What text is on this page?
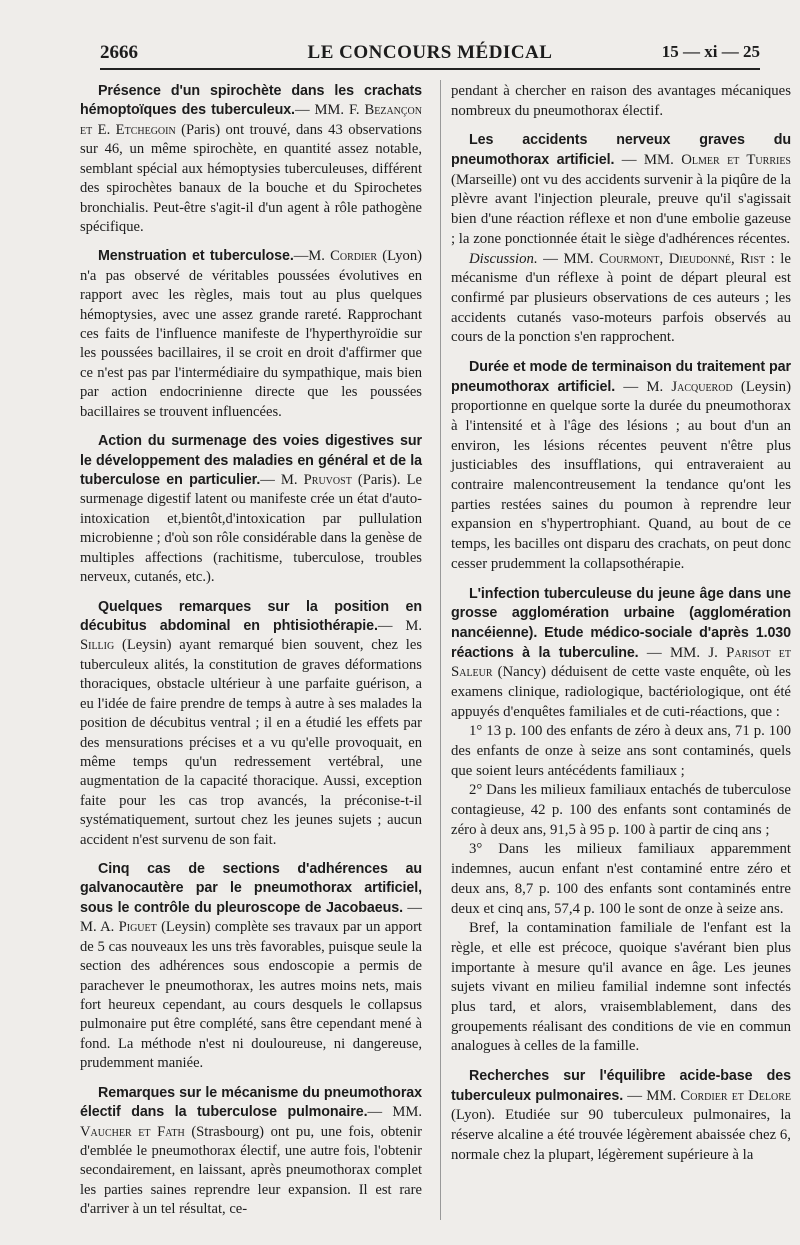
2666	LE CONCOURS MÉDICAL	15 — xi — 25

Présence d'un spirochète dans les crachats hémoptoïques des tuberculeux.— MM. F. Bezançon et E. Etchegoin (Paris) ont trouvé, dans 43 observations sur 46, un même spirochète, en quantité assez notable, semblant spécial aux hémoptysies tuberculeuses, différent des spirochètes banaux de la bouche et du Spirochetes bronchialis. Peut-être s'agit-il d'un agent à rôle pathogène spécifique.

Menstruation et tuberculose.—M. Cordier (Lyon) n'a pas observé de véritables poussées évolutives en rapport avec les règles, mais tout au plus quelques hémoptysies, avec une assez grande rareté. Rapprochant ces faits de l'influence manifeste de l'hyperthyroïdie sur les poussées bacillaires, il se croit en droit d'affirmer que ce n'est pas par l'intermédiaire du sympathique, mais bien par action endocrinienne directe que les poussées bacillaires se trouvent influencées.

Action du surmenage des voies digestives sur le développement des maladies en général et de la tuberculose en particulier.— M. Pruvost (Paris). Le surmenage digestif latent ou manifeste crée un état d'auto-intoxication et,bientôt,d'intoxication par pullulation microbienne ; d'où son rôle considérable dans la genèse de multiples affections (rachitisme, tuberculose, troubles nerveux, cutanés, etc.).

Quelques remarques sur la position en décubitus abdominal en phtisiothérapie.— M. Sillig (Leysin) ayant remarqué bien souvent, chez les tuberculeux alités, la constitution de graves déformations thoraciques, obstacle ultérieur à une parfaite guérison, a eu l'idée de faire prendre de temps à autre à ses malades la position de décubitus ventral ; il en a étudié les effets par des mensurations précises et a vu qu'elle provoquait, en même temps qu'un redressement vertébral, une augmentation de la capacité thoracique. Aussi, exception faite pour les cas trop avancés, la préconise-t-il systématiquement, surtout chez les jeunes sujets ; aucun accident n'est survenu de son fait.

Cinq cas de sections d'adhérences au galvanocautère par le pneumothorax artificiel, sous le contrôle du pleuroscope de Jacobaeus. — M. A. Piguet (Leysin) complète ses travaux par un apport de 5 cas nouveaux les uns très favorables, puisque seule la section des adhérences sous endoscopie a permis de parachever le pneumothorax, les autres moins nets, mais fort heureux cependant, au cours desquels le collapsus pulmonaire put être complété, sans être cependant mené à fond. La méthode n'est ni douloureuse, ni dangereuse, prudemment maniée.

Remarques sur le mécanisme du pneumothorax électif dans la tuberculose pulmonaire.— MM. Vaucher et Fath (Strasbourg) ont pu, une fois, obtenir d'emblée le pneumothorax électif, une autre fois, l'obtenir secondairement, en laissant, après pneumothorax complet les parties saines reprendre leur expansion. Il est rare d'arriver à un tel résultat, ce-

pendant à chercher en raison des avantages mécaniques nombreux du pneumothorax électif.

Les accidents nerveux graves du pneumothorax artificiel. — MM. Olmer et Turries (Marseille) ont vu des accidents survenir à la piqûre de la plèvre avant l'injection pleurale, preuve qu'il s'agissait bien d'une réaction réflexe et non d'une embolie gazeuse ; la zone ponctionnée était le siège d'adhérences récentes.

Discussion. — MM. Courmont, Dieudonné, Rist : le mécanisme d'un réflexe à point de départ pleural est confirmé par plusieurs observations de ces auteurs ; les accidents cutanés vaso-moteurs parfois observés au cours de la ponction s'en rapprochent.

Durée et mode de terminaison du traitement par pneumothorax artificiel. — M. Jacquerod (Leysin) proportionne en quelque sorte la durée du pneumothorax à l'intensité et à l'âge des lésions ; au bout d'un an environ, les lésions récentes peuvent n'être plus justiciables des insufflations, qui entraveraient au contraire malencontreusement la tendance qu'ont les parties restées saines du poumon à reprendre leur expansion en s'hypertrophiant. Quand, au bout de ce temps, les bacilles ont disparu des crachats, on peut donc cesser prudemment la collapsothérapie.

L'infection tuberculeuse du jeune âge dans une grosse agglomération urbaine (agglomération nancéienne). Etude médico-sociale d'après 1.030 réactions à la tuberculine. — MM. J. Parisot et Saleur (Nancy) déduisent de cette vaste enquête, où les examens clinique, radiologique, bactériologique, ont été appuyés d'enquêtes familiales et de cuti-réactions, que :

1° 13 p. 100 des enfants de zéro à deux ans, 71 p. 100 des enfants de onze à seize ans sont contaminés, quels que soient leurs antécédents familiaux ;

2° Dans les milieux familiaux entachés de tuberculose contagieuse, 42 p. 100 des enfants sont contaminés de zéro à deux ans, 91,5 à 95 p. 100 à partir de cinq ans ;

3° Dans les milieux familiaux apparemment indemnes, aucun enfant n'est contaminé entre zéro et deux ans, 8,7 p. 100 des enfants sont contaminés entre deux et cinq ans, 57,4 p. 100 le sont de onze à seize ans.

Bref, la contamination familiale de l'enfant est la règle, et elle est précoce, quoique s'avérant bien plus importante à mesure qu'il avance en âge. Les jeunes sujets vivant en milieu familial indemne sont infectés plus tard, et alors, vraisemblablement, dans des groupements réalisant des conditions de vie en commun analogues à celles de la famille.

Recherches sur l'équilibre acide-base des tuberculeux pulmonaires. — MM. Cordier et Delore (Lyon). Etudiée sur 90 tuberculeux pulmonaires, la réserve alcaline a été trouvée légèrement abaissée chez 6, normale chez la plupart, légèrement supérieure à la
